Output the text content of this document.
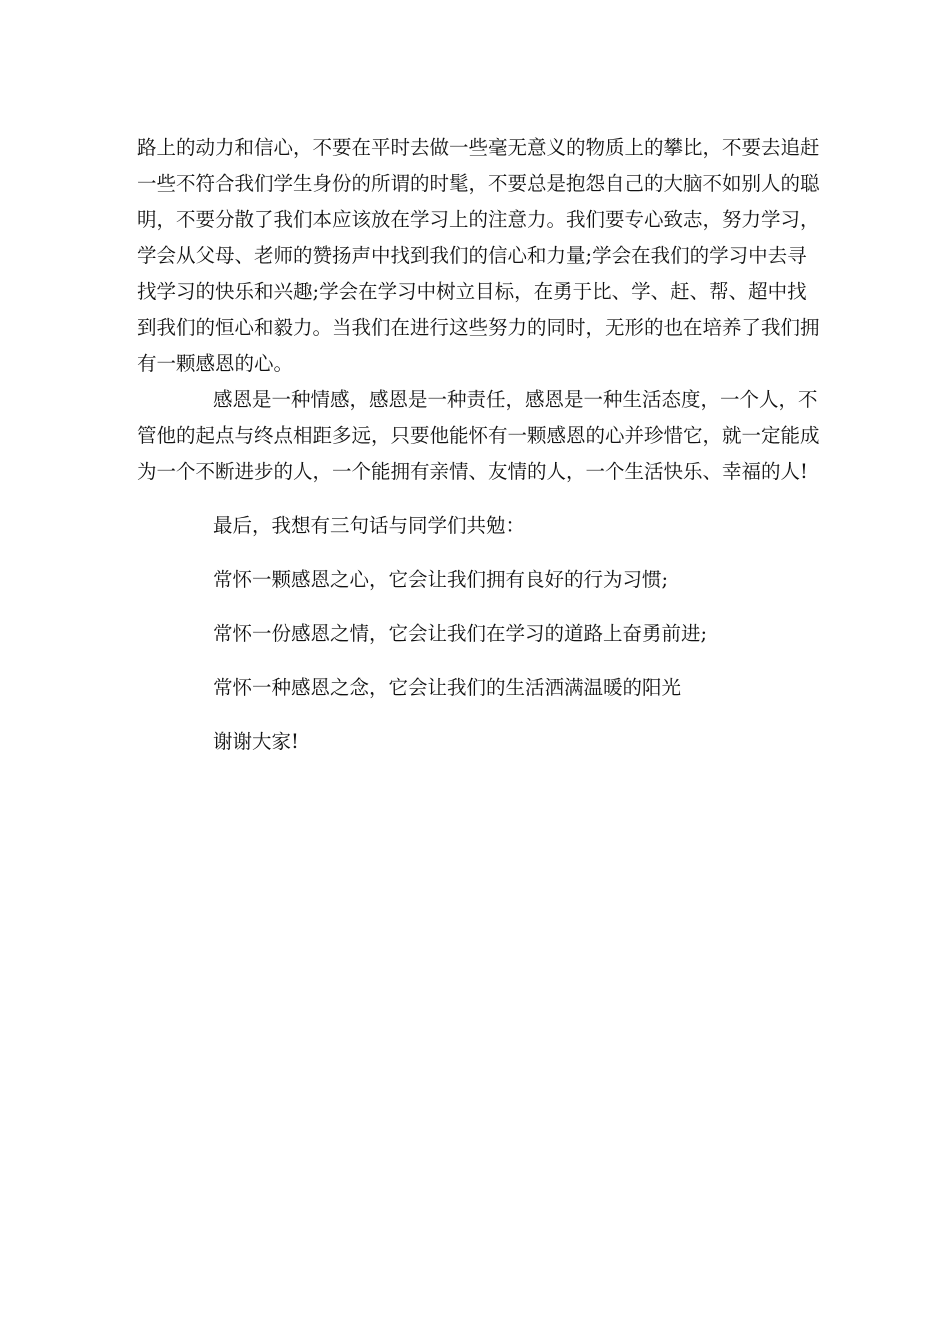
路上的动力和信心，不要在平时去做一些毫无意义的物质上的攀比，不要去追赶
一些不符合我们学生身份的所谓的时髦，不要总是抱怨自己的大脑不如别人的聪
明，不要分散了我们本应该放在学习上的注意力。我们要专心致志，努力学习，
学会从父母、老师的赞扬声中找到我们的信心和力量;学会在我们的学习中去寻
找学习的快乐和兴趣;学会在学习中树立目标，在勇于比、学、赶、帮、超中找
到我们的恒心和毅力。当我们在进行这些努力的同时，无形的也在培养了我们拥
有一颗感恩的心。
感恩是一种情感，感恩是一种责任，感恩是一种生活态度，一个人，不
管他的起点与终点相距多远，只要他能怀有一颗感恩的心并珍惜它，就一定能成
为一个不断进步的人，一个能拥有亲情、友情的人，一个生活快乐、幸福的人!
最后，我想有三句话与同学们共勉：
常怀一颗感恩之心，它会让我们拥有良好的行为习惯;
常怀一份感恩之情，它会让我们在学习的道路上奋勇前进;
常怀一种感恩之念，它会让我们的生活洒满温暖的阳光
谢谢大家!
